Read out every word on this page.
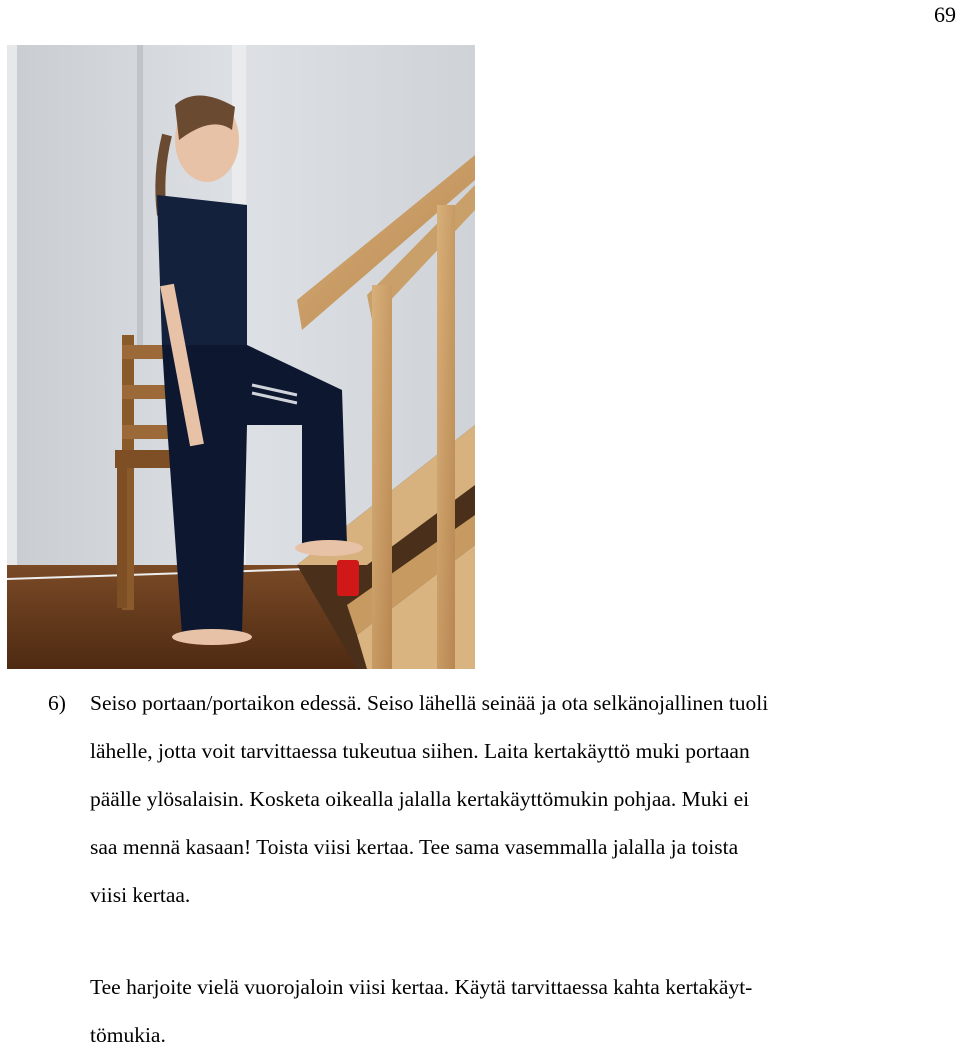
69
6) Seiso portaan/portaikon edessä. Seiso lähellä seinää ja ota selkänojallinen tuoli
lähelle, jotta voit tarvittaessa tukeutua siihen. Laita kertakäyttö muki portaan
päälle ylösalaisin. Kosketa oikealla jalalla kertakäyttömukin pohjaa. Muki ei
saa mennä kasaan! Toista viisi kertaa. Tee sama vasemmalla jalalla ja toista
viisi kertaa.

Tee harjoite vielä vuorojaloin viisi kertaa. Käytä tarvittaessa kahta kertakäyt-
tömukia.
